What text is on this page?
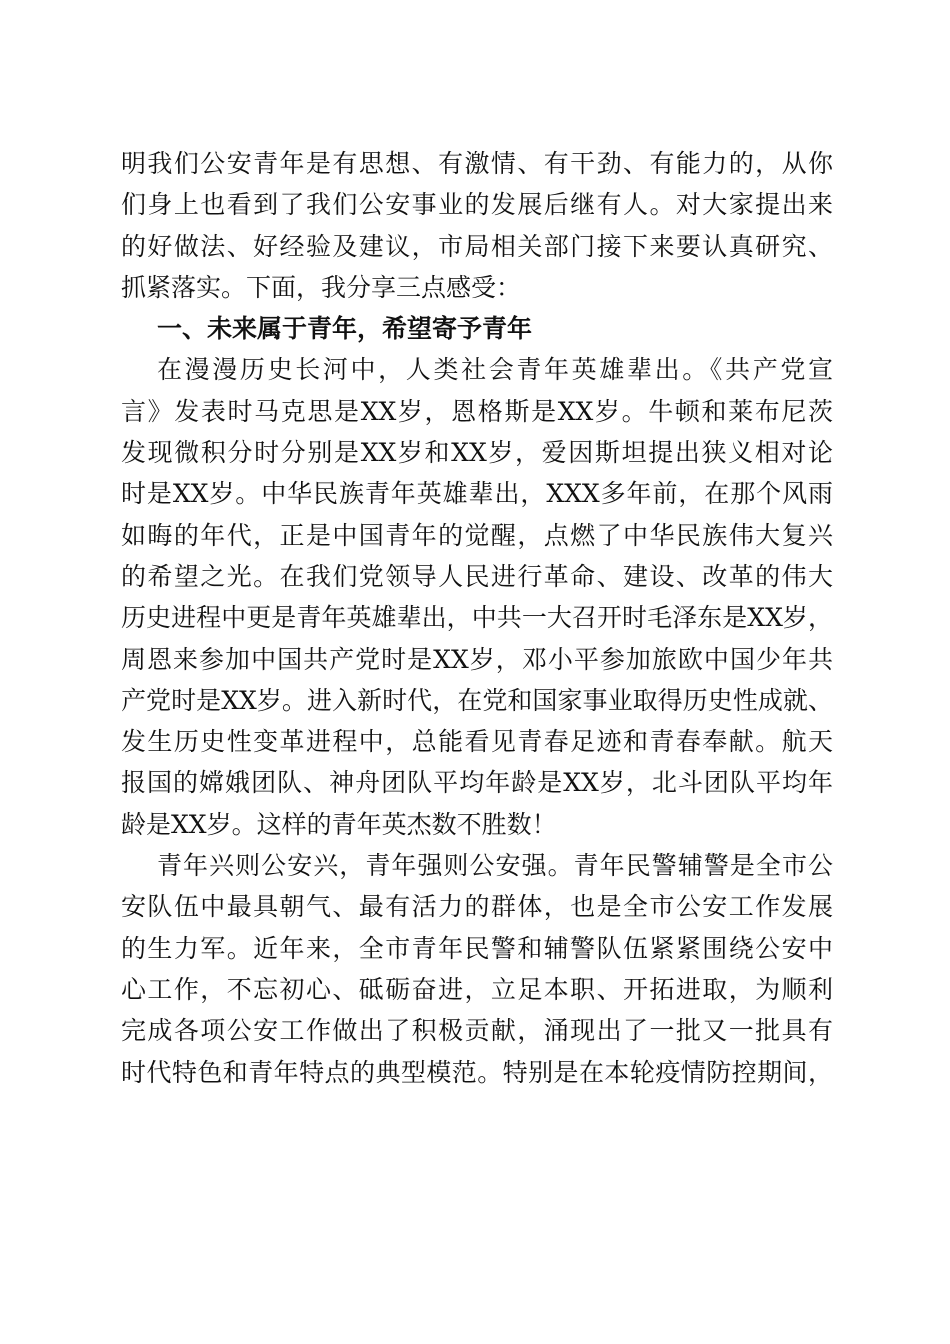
明我们公安青年是有思想、有激情、有干劲、有能力的，从你
们身上也看到了我们公安事业的发展后继有人。对大家提出来
的好做法、好经验及建议，市局相关部门接下来要认真研究、
抓紧落实。下面，我分享三点感受：
一、未来属于青年，希望寄予青年
在漫漫历史长河中，人类社会青年英雄辈出。《共产党宣
言》发表时马克思是XX岁，恩格斯是XX岁。牛顿和莱布尼茨
发现微积分时分别是XX岁和XX岁，爱因斯坦提出狭义相对论
时是XX岁。中华民族青年英雄辈出，XXX多年前，在那个风雨
如晦的年代，正是中国青年的觉醒，点燃了中华民族伟大复兴
的希望之光。在我们党领导人民进行革命、建设、改革的伟大
历史进程中更是青年英雄辈出，中共一大召开时毛泽东是XX岁，
周恩来参加中国共产党时是XX岁，邓小平参加旅欧中国少年共
产党时是XX岁。进入新时代，在党和国家事业取得历史性成就、
发生历史性变革进程中，总能看见青春足迹和青春奉献。航天
报国的嫦娥团队、神舟团队平均年龄是XX岁，北斗团队平均年
龄是XX岁。这样的青年英杰数不胜数！
青年兴则公安兴，青年强则公安强。青年民警辅警是全市公
安队伍中最具朝气、最有活力的群体，也是全市公安工作发展
的生力军。近年来，全市青年民警和辅警队伍紧紧围绕公安中
心工作，不忘初心、砥砺奋进，立足本职、开拓进取，为顺利
完成各项公安工作做出了积极贡献，涌现出了一批又一批具有
时代特色和青年特点的典型模范。特别是在本轮疫情防控期间，
